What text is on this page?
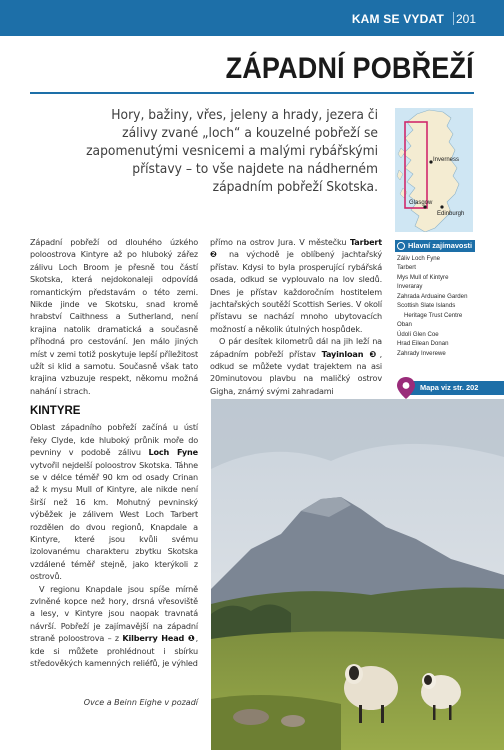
KAM SE VYDAT 201
ZÁPADNÍ POBŘEŽÍ

Hory, bažiny, vřes, jeleny a hrady, jezera či zálivy zvané „loch“ a kouzelné pobřeží se zapomenutými vesnicemi a malými rybářskými přístavy – to vše najdete na nádherném západním pobřeží Skotska.

Inverness
Glasgow
Edinburgh

Západní pobřeží od dlouhého úzkého poloostrova Kintyre až po hluboký zářez zálivu Loch Broom je přesně tou částí Skotska, která nejdokonaleji odpovídá romantickým představám o této zemi. Nikde jinde ve Skotsku, snad kromě hrabství Caithness a Sutherland, není krajina natolik dramatická a současně příhodná pro cestování. Jen málo jiných míst v zemi totiž poskytuje lepší příležitost užít si klid a samotu. Současně však tato krajina vzbuzuje respekt, někomu možná nahání i strach.

KINTYRE

Oblast západního pobřeží začíná u ústí řeky Clyde, kde hluboký průnik moře do pevniny v podobě zálivu Loch Fyne vytvořil nejdelší poloostrov Skotska. Táhne se v délce téměř 90 km od osady Crinan až k mysu Mull of Kintyre, ale nikde není širší než 16 km. Mohutný pevninský výběžek je zálivem West Loch Tarbert rozdělen do dvou regionů, Knapdale a Kintyre, které jsou kvůli svému izolovanému charakteru zbytku Skotska vzdálené téměř stejně, jako kterýkoli z ostrovů.

V regionu Knapdale jsou spíše mírně zvlněné kopce než hory, drsná vřesoviště a lesy, v Kintyre jsou naopak travnatá návrší. Pobřeží je zajímavější na západní straně poloostrova – z Kilberry Head ❶, kde si můžete prohlédnout i sbírku středověkých kamenných reliéfů, je výhled

přímo na ostrov Jura. V městečku Tarbert ❷ na východě je oblíbený jachtařský přístav. Kdysi to byla prosperující rybářská osada, odkud se vyplouvalo na lov sledů. Dnes je přístav každoročním hostitelem jachtařských soutěží Scottish Series. V okolí přístavu se nachází mnoho ubytovacích možností a několik útulných hospůdek.

O pár desítek kilometrů dál na jih leží na západním pobřeží přístav Tayinloan ❸, odkud se můžete vydat trajektem na asi 20minutovou plavbu na maličký ostrov Gigha, známý svými zahradami

Hlavní zajímavosti
Záliv Loch Fyne
Tarbert
Mys Mull of Kintyre
Inveraray
Zahrada Arduaine Garden
Scottish Slate Islands
Heritage Trust Centre
Oban
Údolí Glen Coe
Hrad Eilean Donan
Zahrady Inverewe
Mapa viz str. 202

Ovce a Beinn Eighe v pozadí
